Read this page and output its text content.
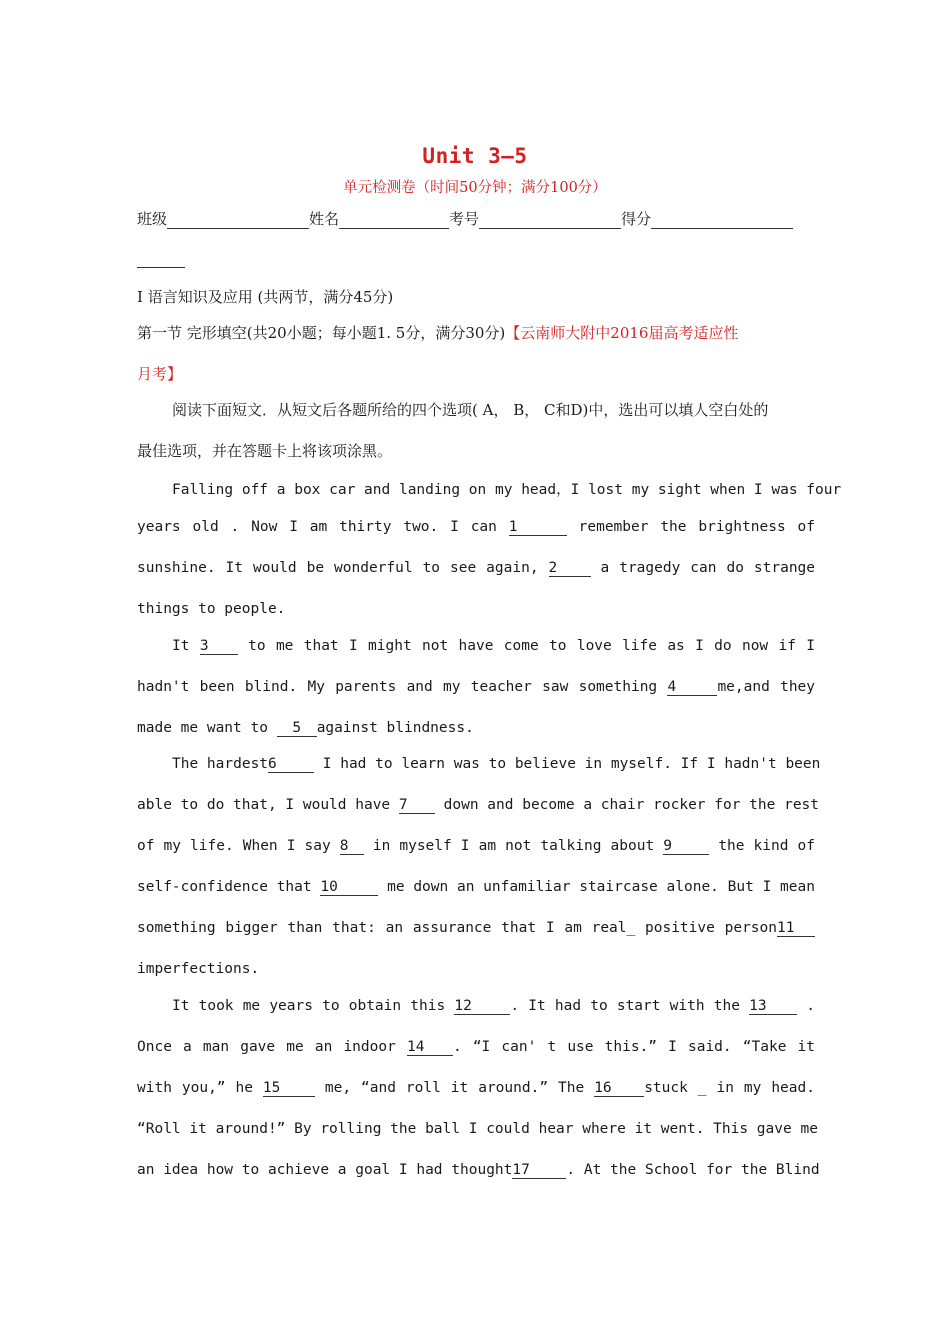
Unit 3—5
单元检测卷（时间50分钟；满分100分）
班级	姓名	考号	得分
I 语言知识及应用 (共两节，满分45分)
第一节 完形填空(共20小题；每小题1. 5分，满分30分)【云南师大附中2016届高考适应性
月考】
阅读下面短文．从短文后各题所给的四个选项( A， B， C和D)中，选出可以填人空白处的
最佳选项，并在答题卡上将该项涂黑。
Falling off a box car and landing on my head，I lost my sight when I was four
years old . Now I am thirty two. I can 1	remember the brightness of
sunshine. It would be wonderful to see again, 2	a tragedy can do strange
things to people.
It 3	to me that I might not have come to love life as I do now if I
hadn't been blind. My parents and my teacher saw something 4	me,and they
made me want to 5 against blindness.
The hardest6	I had to learn was to believe in myself. If I hadn't been
able to do that, I would have 7 down and become a chair rocker for the rest
of my life. When I say 8 in myself I am not talking about 9	the kind of
self-confidence that 10	me down an unfamiliar staircase alone. But I mean
something bigger than that: an assurance that I am real_ positive person11
imperfections.
It took me years to obtain this 12	. It had to start with the 13	.
Once a man gave me an indoor 14 . “I can' t use this.” I said. “Take it
with you,” he 15	me, “and roll it around.” The 16 stuck _ in my head.
“Roll it around!” By rolling the ball I could hear where it went. This gave me
an idea how to achieve a goal I had thought17	. At the School for the Blind
